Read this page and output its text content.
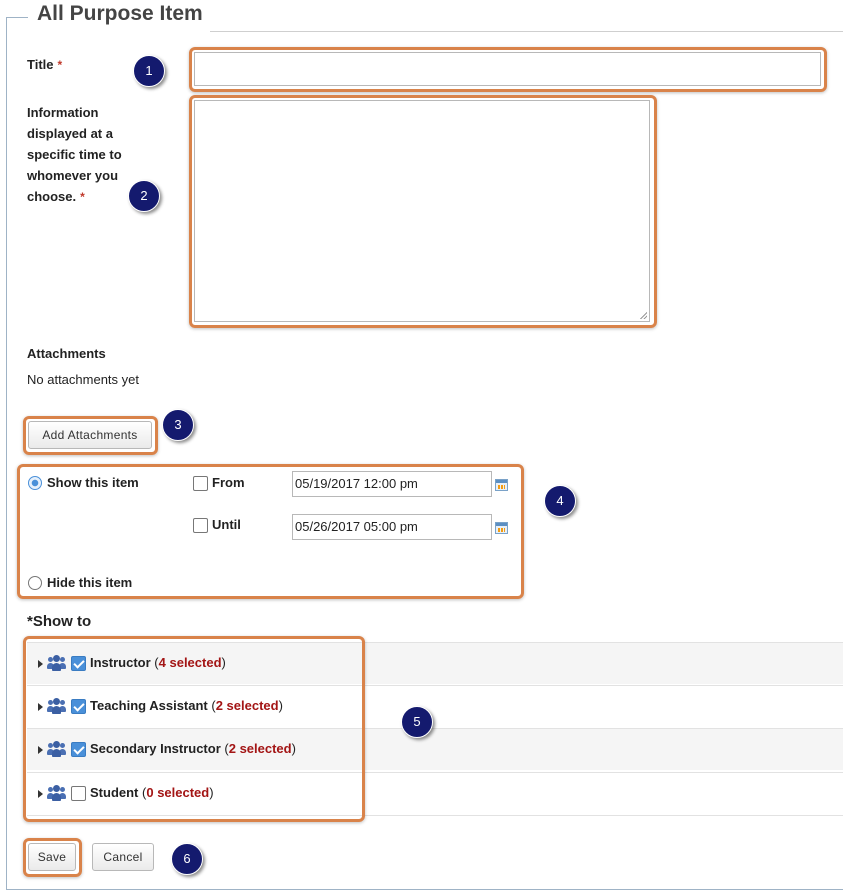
All Purpose Item
Title *	1
Information
displayed at a
specific time to
whomever you
choose. *	2
Attachments
No attachments yet
Add Attachments
3
Show this item	From	05/19/2017 12:00 pm
Until	05/26/2017 05:00 pm
Hide this item
4
*Show to
Instructor (4 selected)
Teaching Assistant (2 selected)
Secondary Instructor (2 selected)
Student (0 selected)
5
Save	Cancel	6
